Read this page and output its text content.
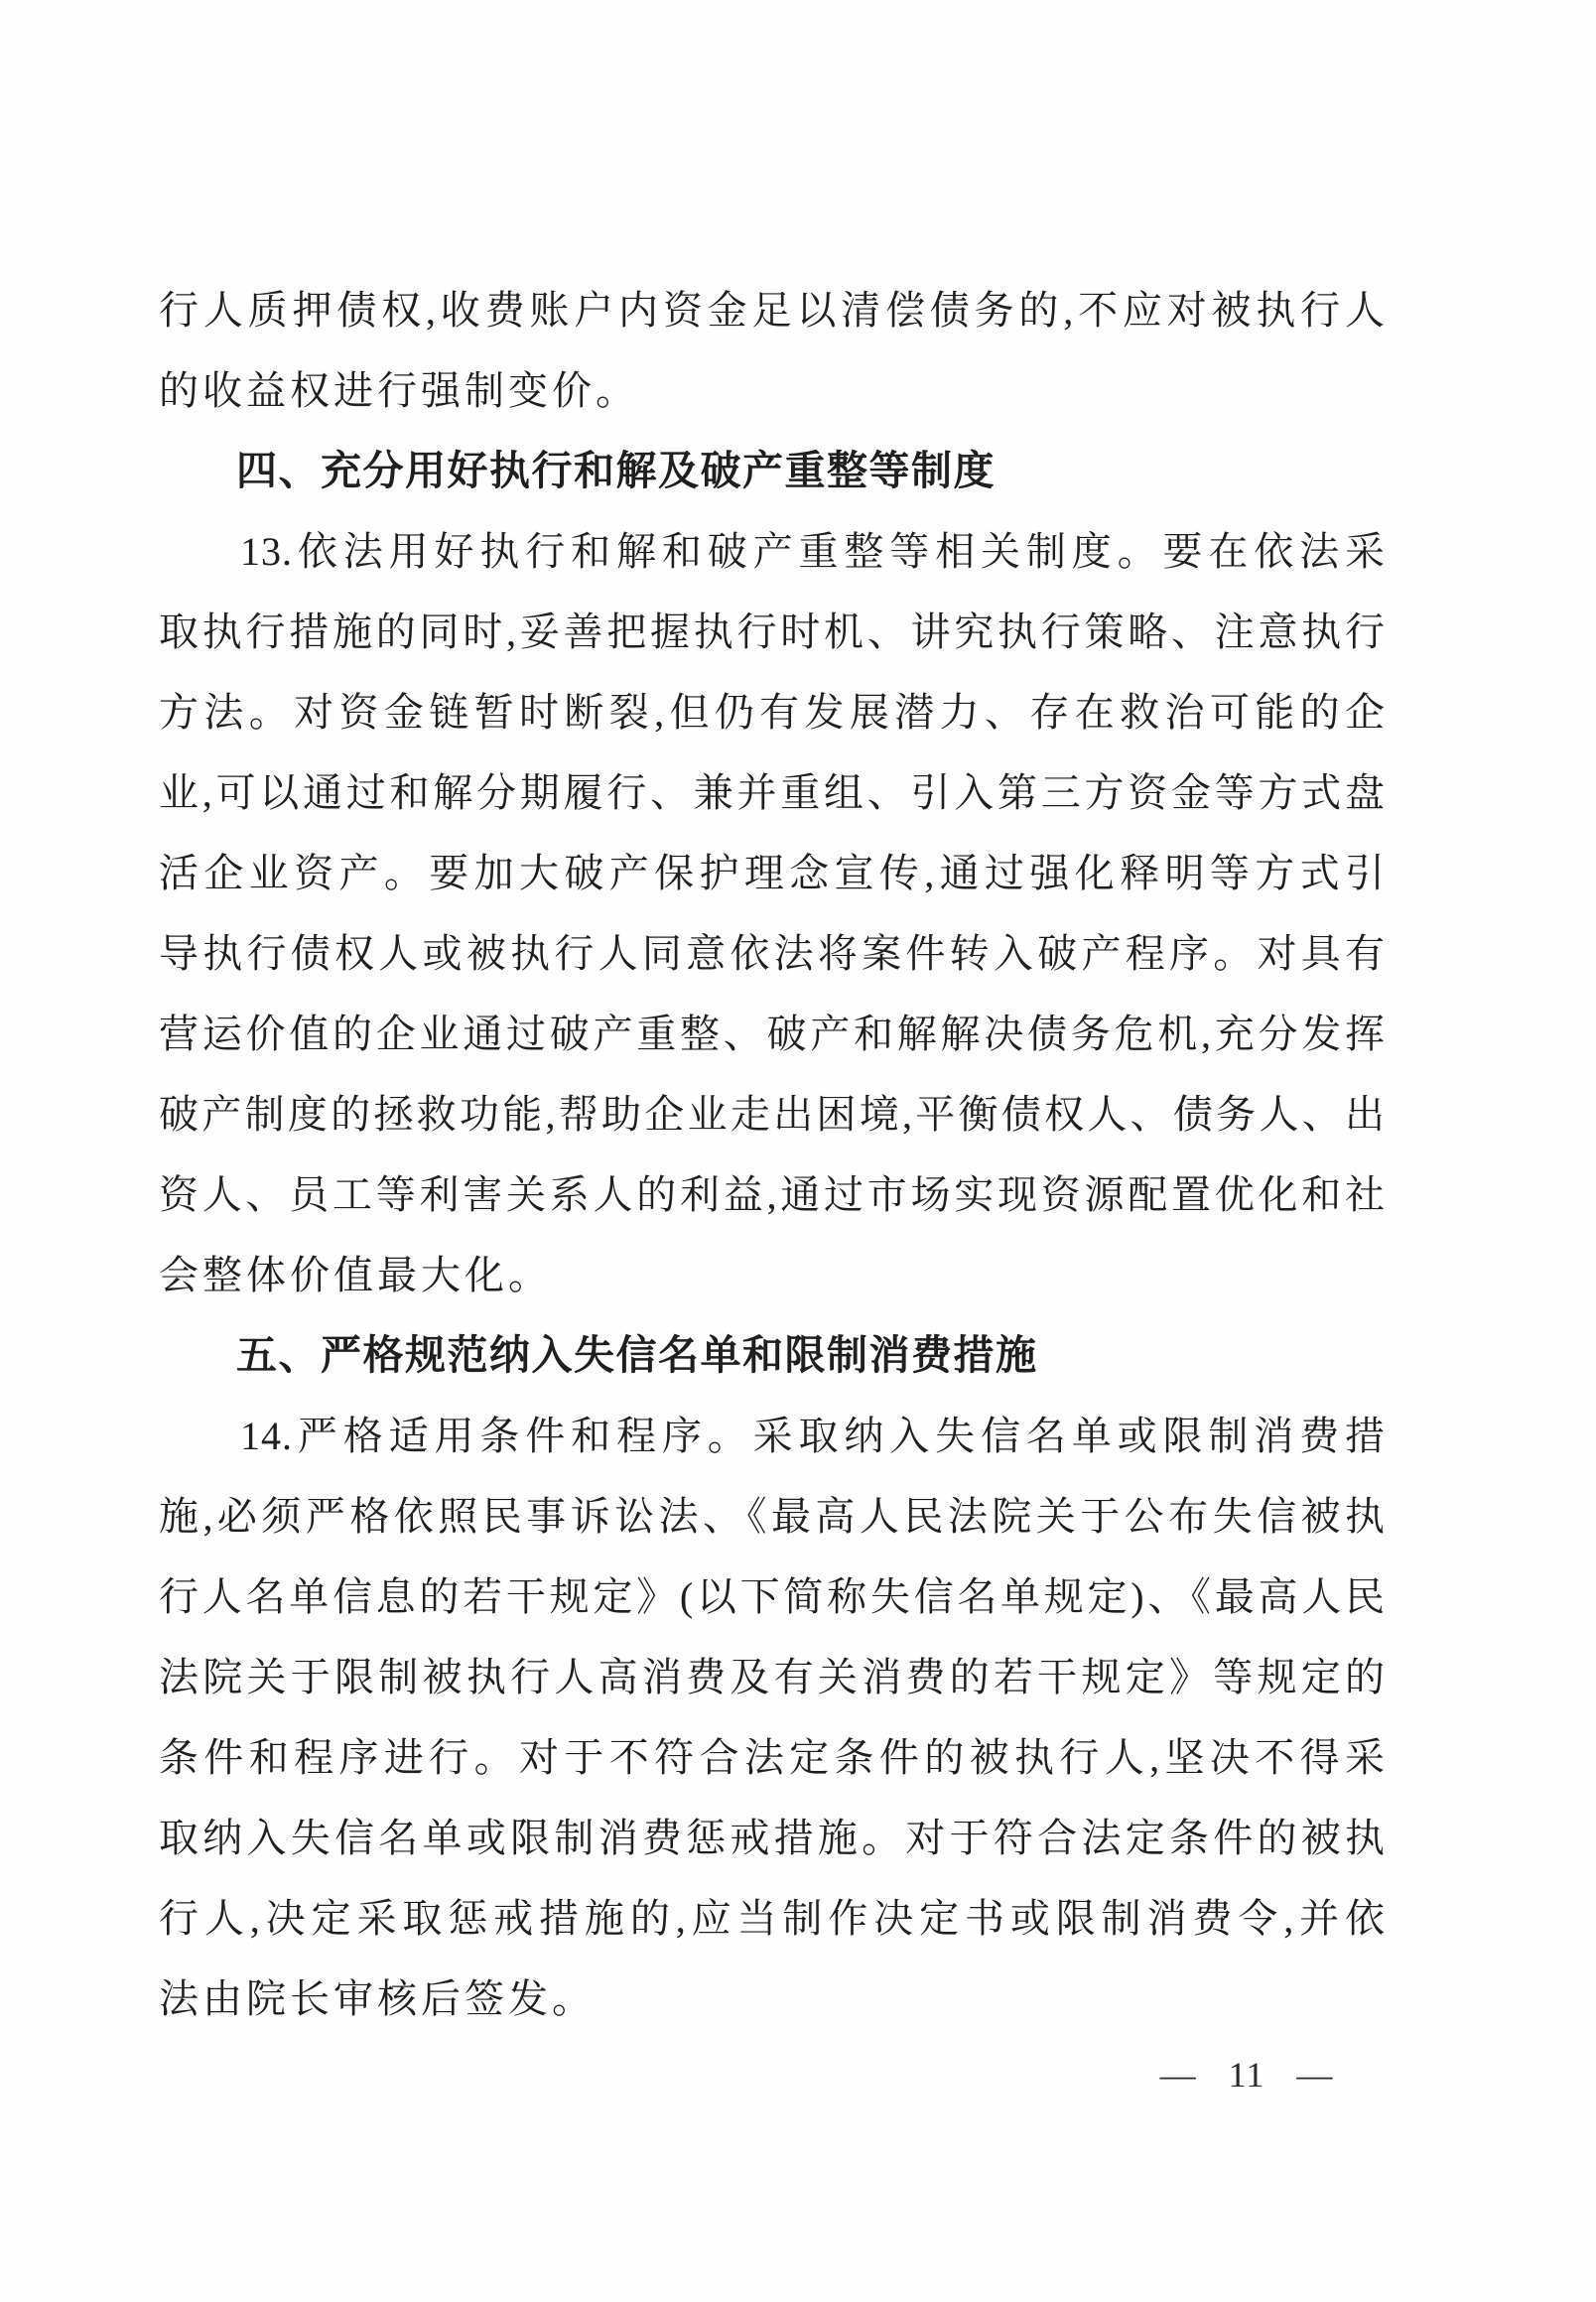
行人质押债权,收费账户内资金足以清偿债务的,不应对被执行人
的收益权进行强制变价。
四、充分用好执行和解及破产重整等制度
13.依法用好执行和解和破产重整等相关制度。要在依法采
取执行措施的同时,妥善把握执行时机、讲究执行策略、注意执行
方法。对资金链暂时断裂,但仍有发展潜力、存在救治可能的企
业,可以通过和解分期履行、兼并重组、引入第三方资金等方式盘
活企业资产。要加大破产保护理念宣传,通过强化释明等方式引
导执行债权人或被执行人同意依法将案件转入破产程序。对具有
营运价值的企业通过破产重整、破产和解解决债务危机,充分发挥
破产制度的拯救功能,帮助企业走出困境,平衡债权人、债务人、出
资人、员工等利害关系人的利益,通过市场实现资源配置优化和社
会整体价值最大化。
五、严格规范纳入失信名单和限制消费措施
14.严格适用条件和程序。采取纳入失信名单或限制消费措
施,必须严格依照民事诉讼法、《最高人民法院关于公布失信被执
行人名单信息的若干规定》(以下简称失信名单规定)、《最高人民
法院关于限制被执行人高消费及有关消费的若干规定》等规定的
条件和程序进行。对于不符合法定条件的被执行人,坚决不得采
取纳入失信名单或限制消费惩戒措施。对于符合法定条件的被执
行人,决定采取惩戒措施的,应当制作决定书或限制消费令,并依
法由院长审核后签发。
— 11 —
